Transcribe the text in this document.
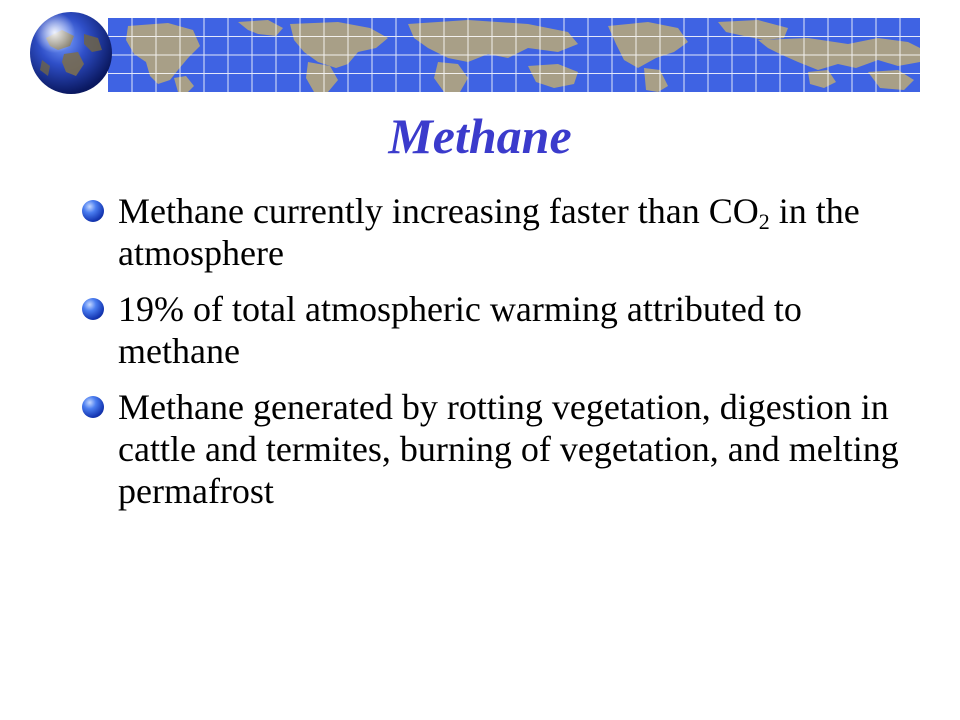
Methane
Methane currently increasing faster than $CO_2$ in the atmosphere
19% of total atmospheric warming attributed to methane
Methane generated by rotting vegetation, digestion in cattle and termites, burning of vegetation, and melting permafrost
